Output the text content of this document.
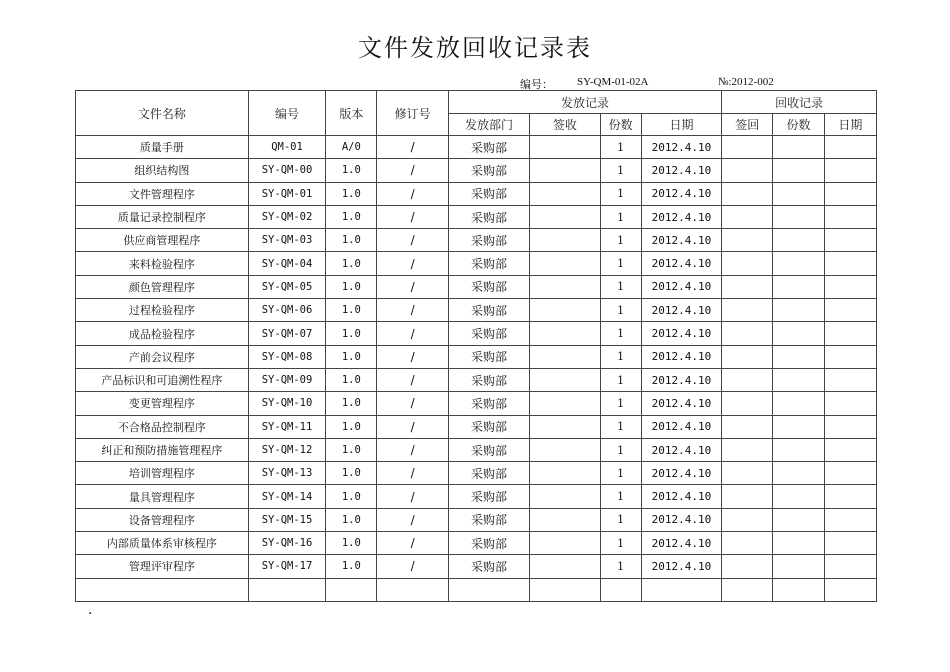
文件发放回收记录表
编号： SY-QM-01-02A	№:2012-002
文件名称	编号	版本	修订号	发放记录				回收记录		
				发放部门	签收	份数	日期	签回	份数	日期
质量手册	QM-01	A/0	/	采购部		1	2012.4.10			
组织结构图	SY-QM-00	1.0	/	采购部		1	2012.4.10			
文件管理程序	SY-QM-01	1.0	/	采购部		1	2012.4.10			
质量记录控制程序	SY-QM-02	1.0	/	采购部		1	2012.4.10			
供应商管理程序	SY-QM-03	1.0	/	采购部		1	2012.4.10			
来料检验程序	SY-QM-04	1.0	/	采购部		1	2012.4.10			
颜色管理程序	SY-QM-05	1.0	/	采购部		1	2012.4.10			
过程检验程序	SY-QM-06	1.0	/	采购部		1	2012.4.10			
成品检验程序	SY-QM-07	1.0	/	采购部		1	2012.4.10			
产前会议程序	SY-QM-08	1.0	/	采购部		1	2012.4.10			
产品标识和可追溯性程序	SY-QM-09	1.0	/	采购部		1	2012.4.10			
变更管理程序	SY-QM-10	1.0	/	采购部		1	2012.4.10			
不合格品控制程序	SY-QM-11	1.0	/	采购部		1	2012.4.10			
纠正和预防措施管理程序	SY-QM-12	1.0	/	采购部		1	2012.4.10			
培训管理程序	SY-QM-13	1.0	/	采购部		1	2012.4.10			
量具管理程序	SY-QM-14	1.0	/	采购部		1	2012.4.10			
设备管理程序	SY-QM-15	1.0	/	采购部		1	2012.4.10			
内部质量体系审核程序	SY-QM-16	1.0	/	采购部		1	2012.4.10			
管理评审程序	SY-QM-17	1.0	/	采购部		1	2012.4.10			

·
